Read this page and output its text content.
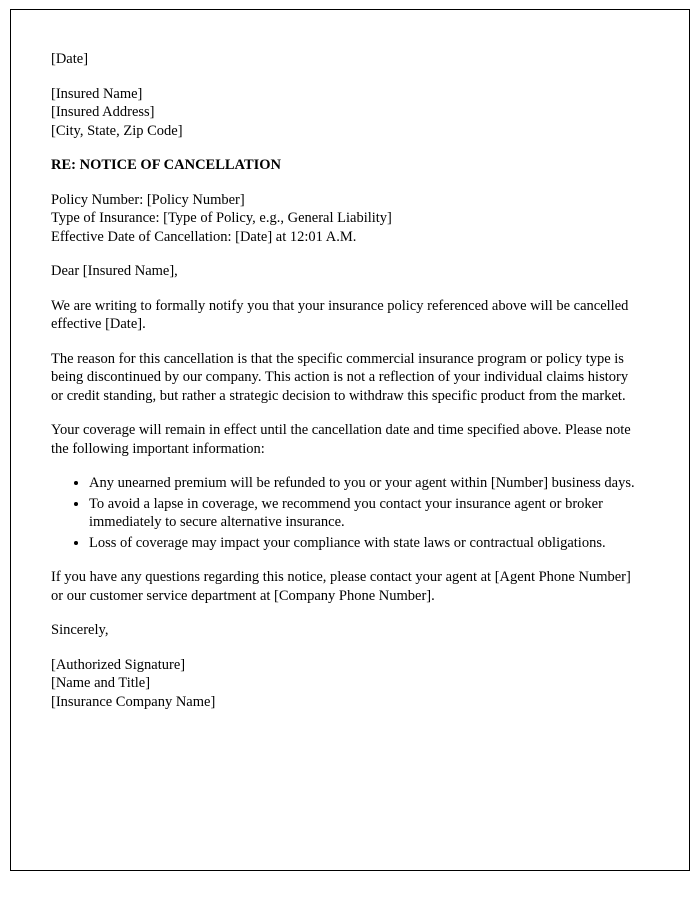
[Date]
[Insured Name]
[Insured Address]
[City, State, Zip Code]
RE: NOTICE OF CANCELLATION
Policy Number: [Policy Number]
Type of Insurance: [Type of Policy, e.g., General Liability]
Effective Date of Cancellation: [Date] at 12:01 A.M.
Dear [Insured Name],

We are writing to formally notify you that your insurance policy referenced above will be cancelled effective [Date].

The reason for this cancellation is that the specific commercial insurance program or policy type is being discontinued by our company. This action is not a reflection of your individual claims history or credit standing, but rather a strategic decision to withdraw this specific product from the market.

Your coverage will remain in effect until the cancellation date and time specified above. Please note the following important information:

• Any unearned premium will be refunded to you or your agent within [Number] business days.
• To avoid a lapse in coverage, we recommend you contact your insurance agent or broker immediately to secure alternative insurance.
• Loss of coverage may impact your compliance with state laws or contractual obligations.

If you have any questions regarding this notice, please contact your agent at [Agent Phone Number] or our customer service department at [Company Phone Number].

Sincerely,
[Authorized Signature]
[Name and Title]
[Insurance Company Name]
